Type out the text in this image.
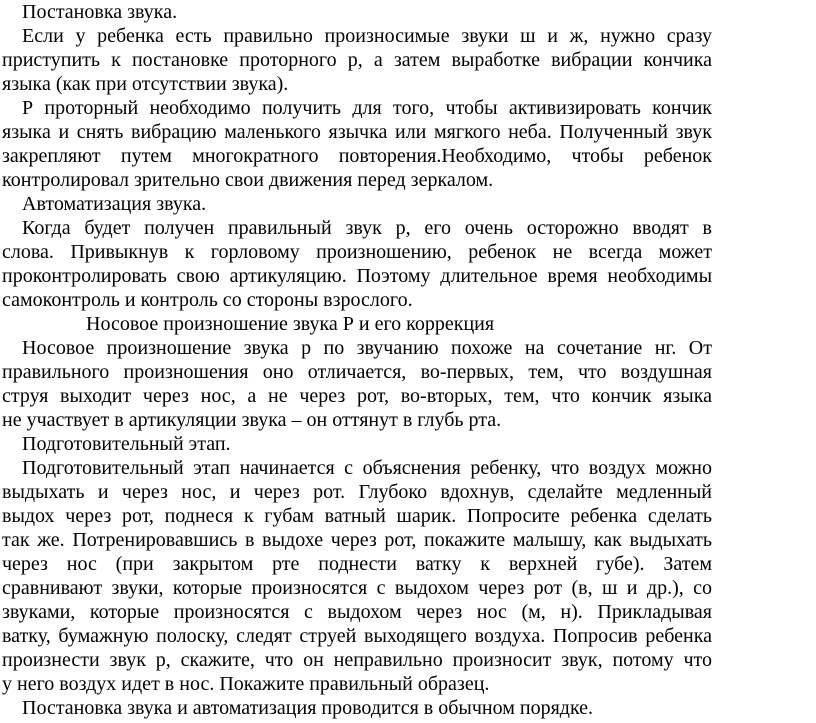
Постановка звука.
Если у ребенка есть правильно произносимые звуки ш и ж, нужно сразу
приступить к постановке проторного р, а затем выработке вибрации кончика
языка (как при отсутствии звука).
Р проторный необходимо получить для того, чтобы активизировать кончик
языка и снять вибрацию маленького язычка или мягкого неба. Полученный звук
закрепляют путем многократного повторения.Необходимо, чтобы ребенок
контролировал зрительно свои движения перед зеркалом.
Автоматизация звука.
Когда будет получен правильный звук р, его очень осторожно вводят в
слова. Привыкнув к горловому произношению, ребенок не всегда может
проконтролировать свою артикуляцию. Поэтому длительное время необходимы
самоконтроль и контроль со стороны взрослого.
Носовое произношение звука Р и его коррекция
Носовое произношение звука р по звучанию похоже на сочетание нг. От
правильного произношения оно отличается, во-первых, тем, что воздушная
струя выходит через нос, а не через рот, во-вторых, тем, что кончик языка
не участвует в артикуляции звука – он оттянут в глубь рта.
Подготовительный этап.
Подготовительный этап начинается с объяснения ребенку, что воздух можно
выдыхать и через нос, и через рот. Глубоко вдохнув, сделайте медленный
выдох через рот, поднеся к губам ватный шарик. Попросите ребенка сделать
так же. Потренировавшись в выдохе через рот, покажите малышу, как выдыхать
через нос (при закрытом рте поднести ватку к верхней губе). Затем
сравнивают звуки, которые произносятся с выдохом через рот (в, ш и др.), со
звуками, которые произносятся с выдохом через нос (м, н). Прикладывая
ватку, бумажную полоску, следят струей выходящего воздуха. Попросив ребенка
произнести звук р, скажите, что он неправильно произносит звук, потому что
у него воздух идет в нос. Покажите правильный образец.
Постановка звука и автоматизация проводится в обычном порядке.
